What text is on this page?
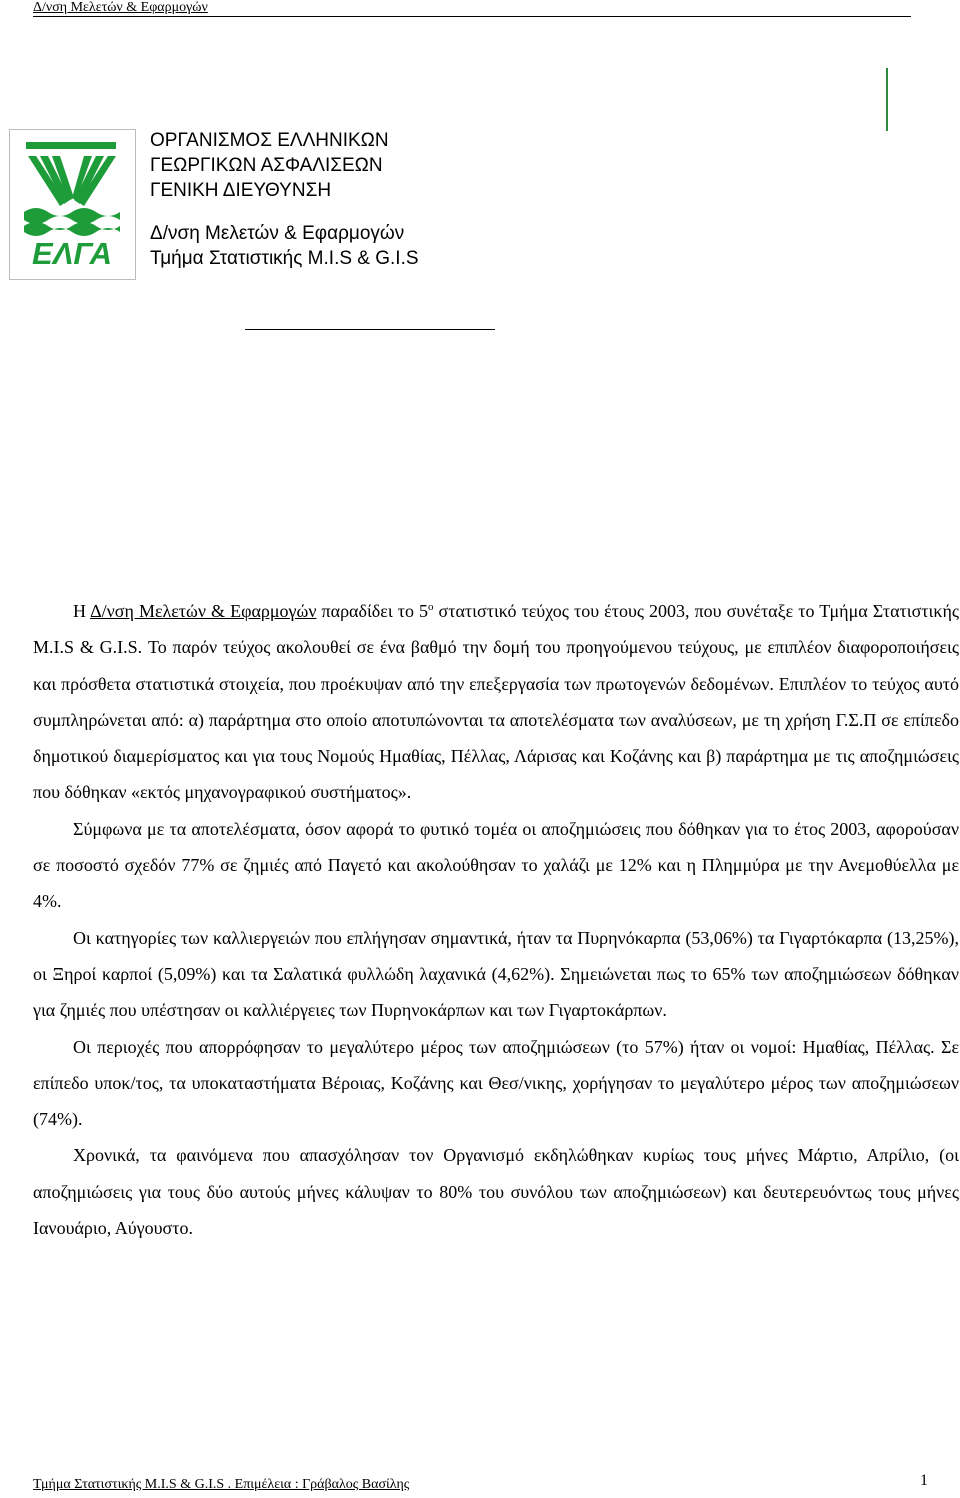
Δ/νση Μελετών & Εφαρμογών
ΕΛΓΑ
ΟΡΓΑΝΙΣΜΟΣ ΕΛΛΗΝΙΚΩΝ
ΓΕΩΡΓΙΚΩΝ ΑΣΦΑΛΙΣΕΩΝ
ΓΕΝΙΚΗ ΔΙΕΥΘΥΝΣΗ
Δ/νση Μελετών & Εφαρμογών
Τμήμα Στατιστικής Μ.Ι.S & G.I.S

Η Δ/νση Μελετών & Εφαρμογών παραδίδει το $5^o$ στατιστικό τεύχος του έτους 2003, που συνέταξε το Τμήμα Στατιστικής Μ.Ι.S & G.I.S. Το παρόν τεύχος ακολουθεί σε ένα βαθμό την δομή του προηγούμενου τεύχους, με επιπλέον διαφοροποιήσεις και πρόσθετα στατιστικά στοιχεία, που προέκυψαν από την επεξεργασία των πρωτογενών δεδομένων. Επιπλέον το τεύχος αυτό συμπληρώνεται από: α) παράρτημα στο οποίο αποτυπώνονται τα αποτελέσματα των αναλύσεων, με τη χρήση Γ.Σ.Π σε επίπεδο δημοτικού διαμερίσματος και για τους Νομούς Ημαθίας, Πέλλας, Λάρισας και Κοζάνης και β) παράρτημα με τις αποζημιώσεις που δόθηκαν «εκτός μηχανογραφικού συστήματος».

Σύμφωνα με τα αποτελέσματα, όσον αφορά το φυτικό τομέα οι αποζημιώσεις που δόθηκαν για το έτος 2003, αφορούσαν σε ποσοστό σχεδόν 77% σε ζημιές από Παγετό και ακολούθησαν το χαλάζι με 12% και η Πλημμύρα με την Ανεμοθύελλα με 4%.

Οι κατηγορίες των καλλιεργειών που επλήγησαν σημαντικά, ήταν τα Πυρηνόκαρπα (53,06%) τα Γιγαρτόκαρπα (13,25%), οι Ξηροί καρποί (5,09%) και τα Σαλατικά φυλλώδη λαχανικά (4,62%). Σημειώνεται πως το 65% των αποζημιώσεων δόθηκαν για ζημιές που υπέστησαν οι καλλιέργειες των Πυρηνοκάρπων και των Γιγαρτοκάρπων.

Οι περιοχές που απορρόφησαν το μεγαλύτερο μέρος των αποζημιώσεων (το 57%) ήταν οι νομοί: Ημαθίας, Πέλλας. Σε επίπεδο υποκ/τος, τα υποκαταστήματα Βέροιας, Κοζάνης και Θεσ/νικης, χορήγησαν το μεγαλύτερο μέρος των αποζημιώσεων (74%).

Χρονικά, τα φαινόμενα που απασχόλησαν τον Οργανισμό εκδηλώθηκαν κυρίως τους μήνες Μάρτιο, Απρίλιο, (οι αποζημιώσεις για τους δύο αυτούς μήνες κάλυψαν το 80% του συνόλου των αποζημιώσεων) και δευτερευόντως τους μήνες Ιανουάριο, Αύγουστο.

Τμήμα Στατιστικής Μ.Ι.S & G.I.S . Επιμέλεια : Γράβαλος Βασίλης	1
